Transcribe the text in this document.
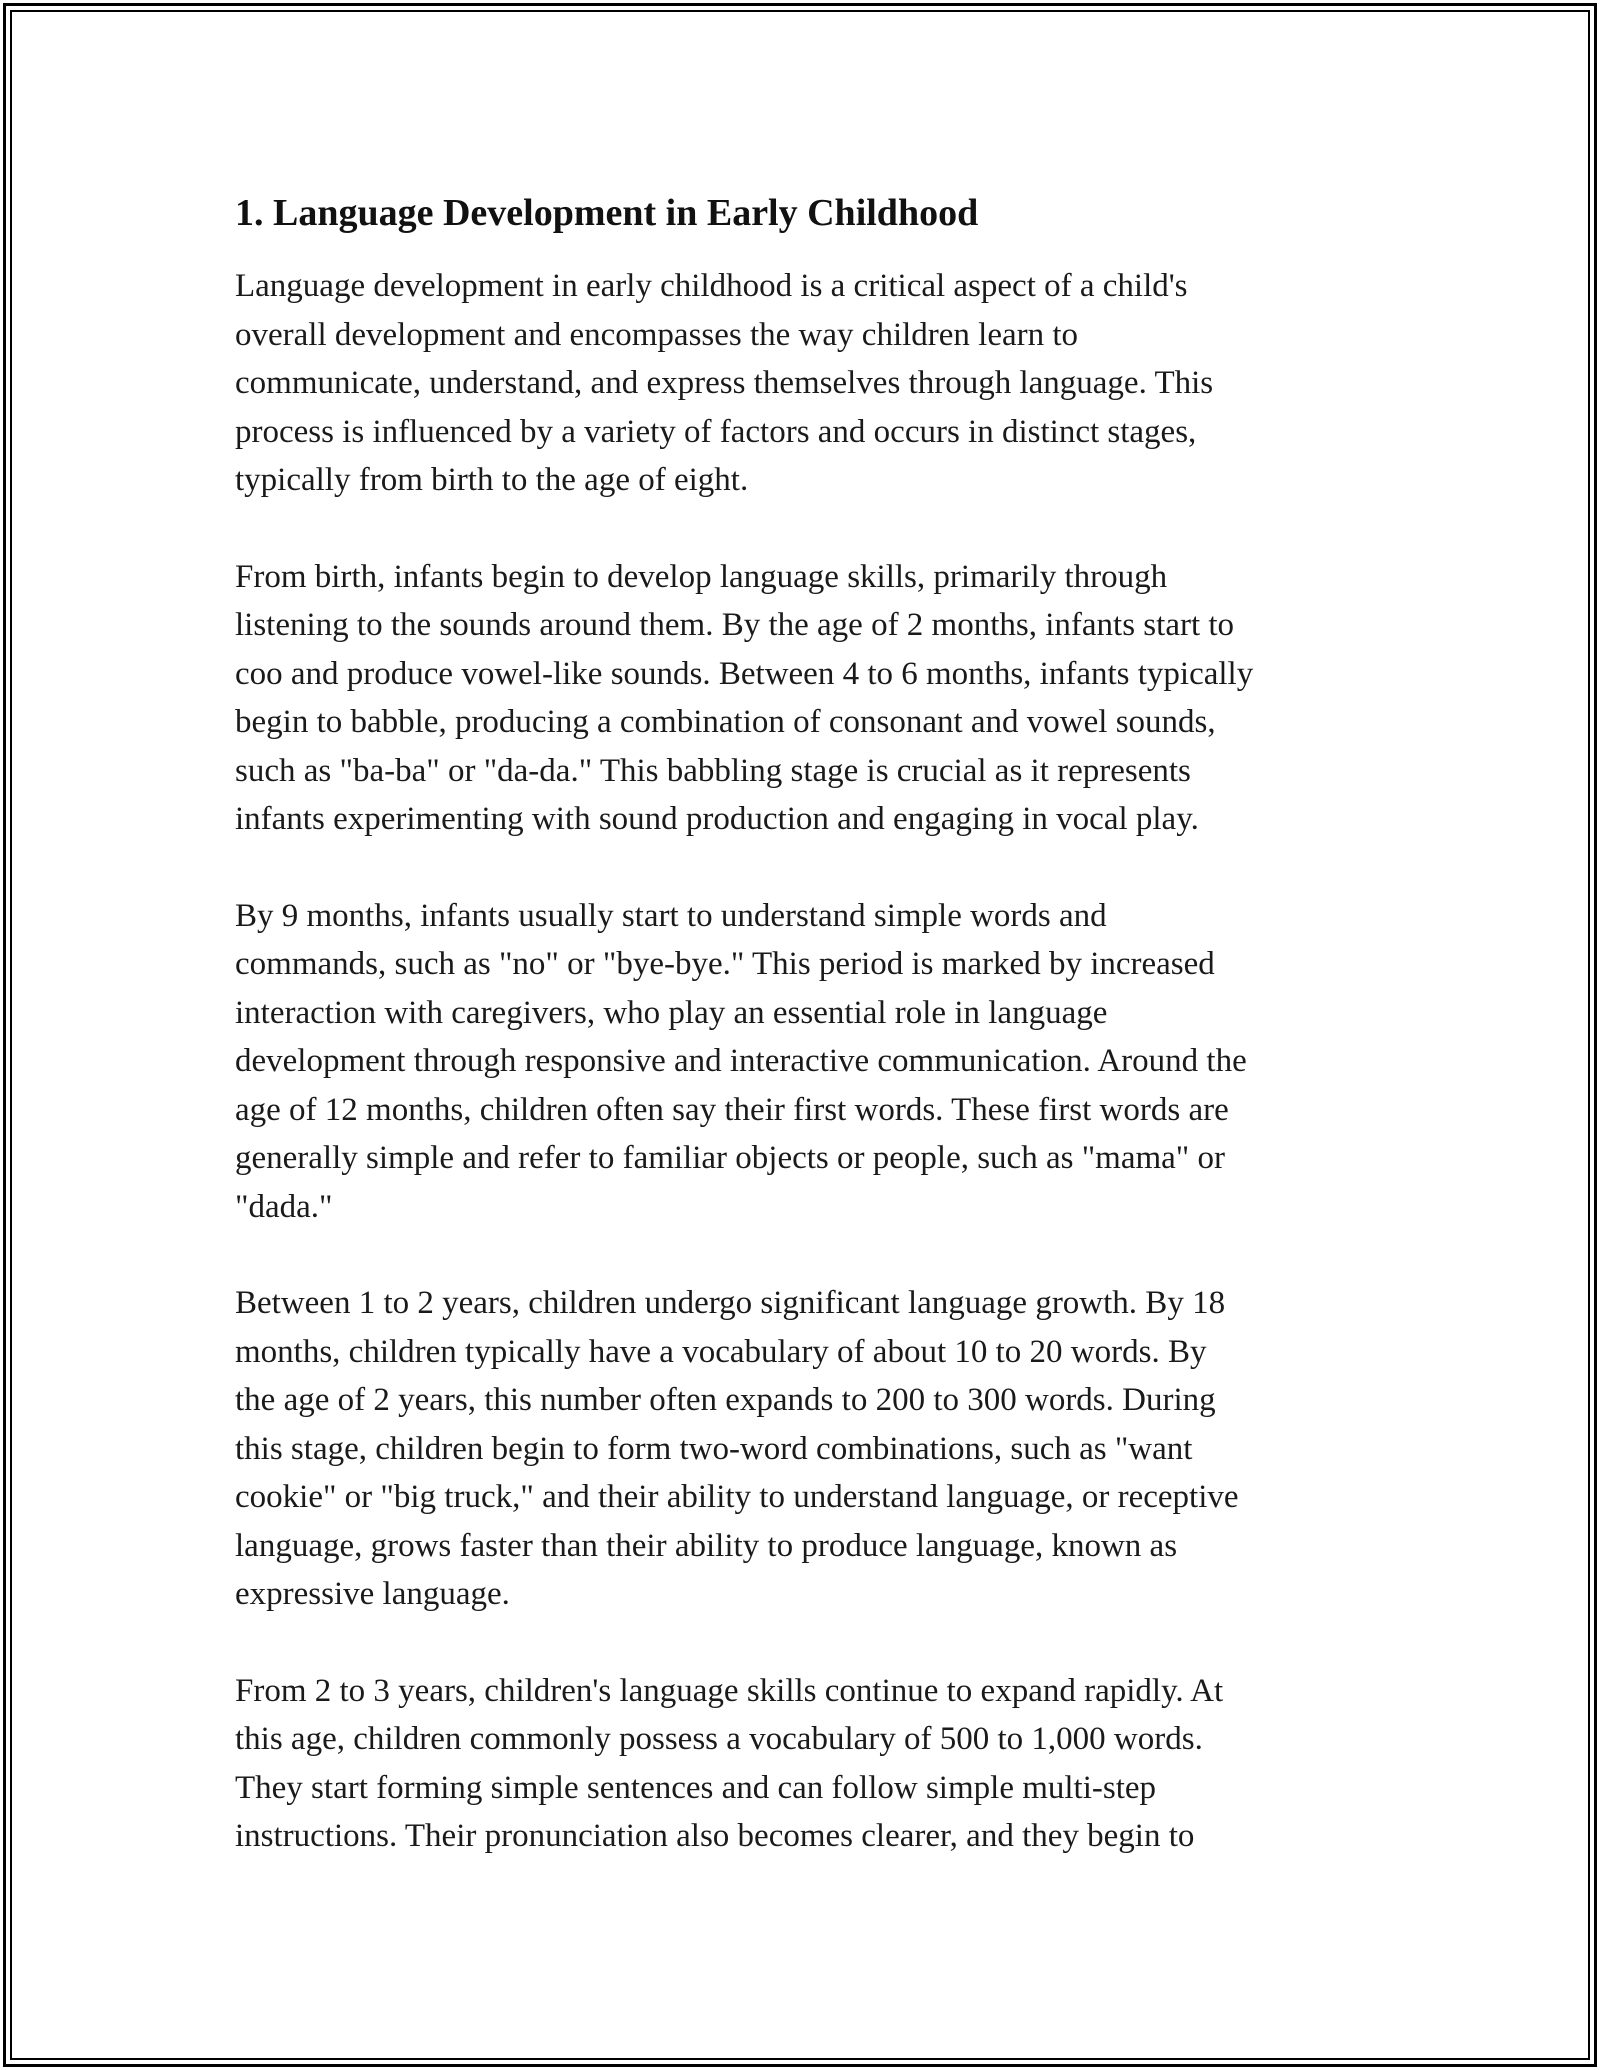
1. Language Development in Early Childhood

Language development in early childhood is a critical aspect of a child's
overall development and encompasses the way children learn to
communicate, understand, and express themselves through language. This
process is influenced by a variety of factors and occurs in distinct stages,
typically from birth to the age of eight.

From birth, infants begin to develop language skills, primarily through
listening to the sounds around them. By the age of 2 months, infants start to
coo and produce vowel-like sounds. Between 4 to 6 months, infants typically
begin to babble, producing a combination of consonant and vowel sounds,
such as "ba-ba" or "da-da." This babbling stage is crucial as it represents
infants experimenting with sound production and engaging in vocal play.

By 9 months, infants usually start to understand simple words and
commands, such as "no" or "bye-bye." This period is marked by increased
interaction with caregivers, who play an essential role in language
development through responsive and interactive communication. Around the
age of 12 months, children often say their first words. These first words are
generally simple and refer to familiar objects or people, such as "mama" or
"dada."

Between 1 to 2 years, children undergo significant language growth. By 18
months, children typically have a vocabulary of about 10 to 20 words. By
the age of 2 years, this number often expands to 200 to 300 words. During
this stage, children begin to form two-word combinations, such as "want
cookie" or "big truck," and their ability to understand language, or receptive
language, grows faster than their ability to produce language, known as
expressive language.

From 2 to 3 years, children's language skills continue to expand rapidly. At
this age, children commonly possess a vocabulary of 500 to 1,000 words.
They start forming simple sentences and can follow simple multi-step
instructions. Their pronunciation also becomes clearer, and they begin to
